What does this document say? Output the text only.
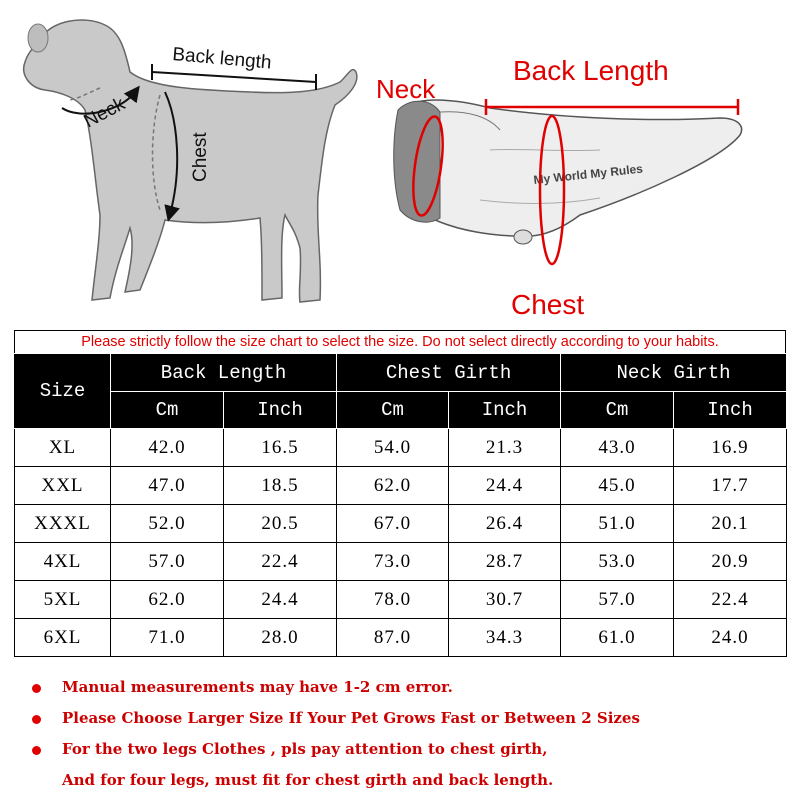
Back length
Neck
Chest	My World My Rules
Neck
Back Length
Chest
Please strictly follow the size chart to select the size. Do not select directly according to your habits.
Size	Back Length		Chest Girth		Neck Girth	
	Cm	Inch	Cm	Inch	Cm	Inch
XL	42.0	16.5	54.0	21.3	43.0	16.9
XXL	47.0	18.5	62.0	24.4	45.0	17.7
XXXL	52.0	20.5	67.0	26.4	51.0	20.1
4XL	57.0	22.4	73.0	28.7	53.0	20.9
5XL	62.0	24.4	78.0	30.7	57.0	22.4
6XL	71.0	28.0	87.0	34.3	61.0	24.0
Manual measurements may have 1-2 cm error.
Please Choose Larger Size If Your Pet Grows Fast or Between 2 Sizes
For the two legs Clothes , pls pay attention to chest girth,
And for four legs, must fit for chest girth and back length.
